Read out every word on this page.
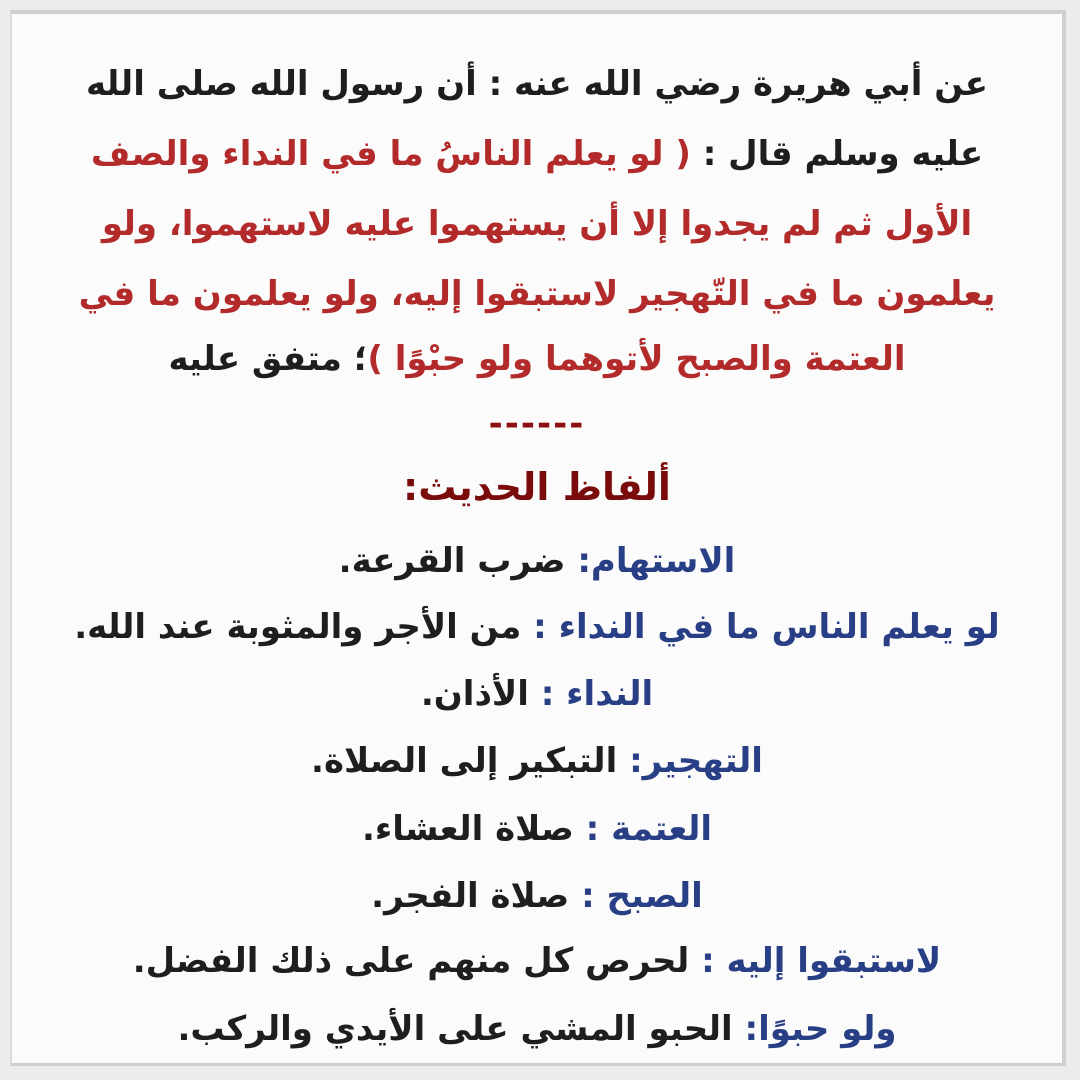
عن أبي هريرة رضي الله عنه : أن رسول الله صلى الله
عليه وسلم قال : ( لو يعلم الناسُ ما في النداء والصف
الأول ثم لم يجدوا إلا أن يستهموا عليه لاستهموا، ولو
يعلمون ما في التّهجير لاستبقوا إليه، ولو يعلمون ما في
العتمة والصبح لأتوهما ولو حبْوًا )؛ متفق عليه
------
ألفاظ الحديث:
الاستهام: ضرب القرعة.
لو يعلم الناس ما في النداء : من الأجر والمثوبة عند الله.
النداء : الأذان.
التهجير: التبكير إلى الصلاة.
العتمة : صلاة العشاء.
الصبح : صلاة الفجر.
لاستبقوا إليه : لحرص كل منهم على ذلك الفضل.
ولو حبوًا: الحبو المشي على الأيدي والركب.
